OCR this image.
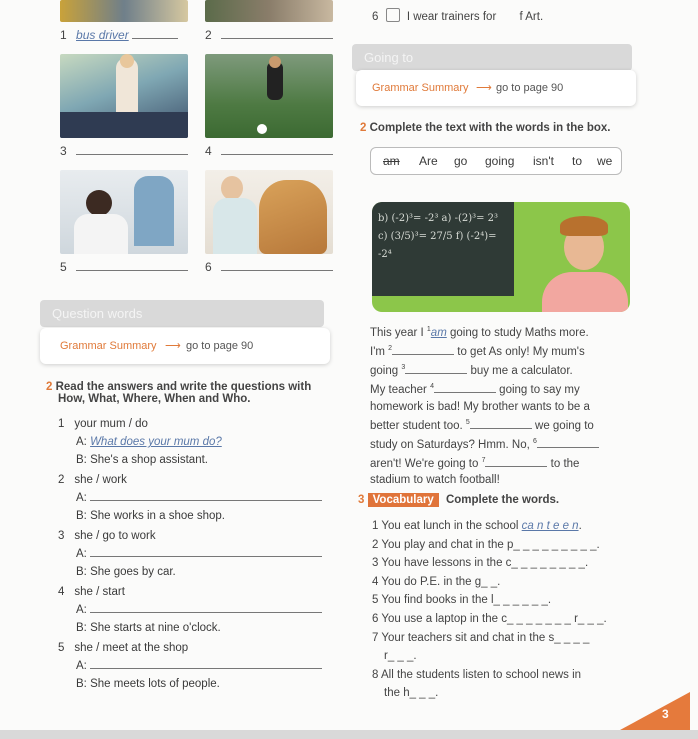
1 bus driver	2
3	4
5	6
Question words
Grammar Summary ⟶ go to page 90
2 Read the answers and write the questions with
How, What, Where, When and Who.
1 your mum / do
A: What does your mum do?
B: She's a shop assistant.
2 she / work
A:
B: She works in a shoe shop.
3 she / go to work
A:
B: She goes by car.
4 she / start
A:
B: She starts at nine o'clock.
5 she / meet at the shop
A:
B: She meets lots of people.
6 I wear trainers for f Art.
Going to
Grammar Summary ⟶ go to page 90
2 Complete the text with the words in the box.
am Are go going isn't to we
b) (-2)³= -2³ a) -(2)³= 2³ c) (3/5)³= 27/5 f) (-2⁴)= -2⁴
This year I $^1$am going to study Maths more.
I'm $^2$	to get As only! My mum's
going $^3$	buy me a calculator.
My teacher $^4$	going to say my
homework is bad! My brother wants to be a
better student too. $^5$	we going to
study on Saturdays? Hmm. No, $^6$
aren't! We're going to $^7$	to the
stadium to watch football!
3 Vocabulary Complete the words.
1 You eat lunch in the school ca n t e e n.
2 You play and chat in the p_ _ _ _ _ _ _ _ _.
3 You have lessons in the c_ _ _ _ _ _ _ _.
4 You do P.E. in the g_ _.
5 You find books in the l_ _ _ _ _ _.
6 You use a laptop in the c_ _ _ _ _ _ _ r_ _ _.
7 Your teachers sit and chat in the s_ _ _ _
r_ _ _.
8 All the students listen to school news in
the h_ _ _.
3
